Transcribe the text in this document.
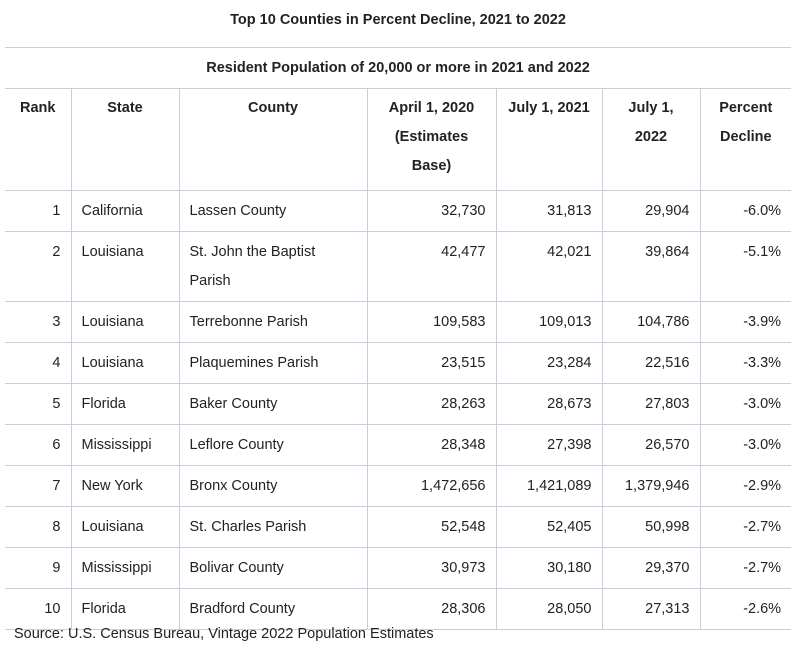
Top 10 Counties in Percent Decline, 2021 to 2022						
Resident Population of 20,000 or more in 2021 and 2022						
Rank	State	County	April 1, 2020 (Estimates Base)	July 1, 2021	July 1, 2022	Percent Decline
1	California	Lassen County	32,730	31,813	29,904	-6.0%
2	Louisiana	St. John the Baptist Parish	42,477	42,021	39,864	-5.1%
3	Louisiana	Terrebonne Parish	109,583	109,013	104,786	-3.9%
4	Louisiana	Plaquemines Parish	23,515	23,284	22,516	-3.3%
5	Florida	Baker County	28,263	28,673	27,803	-3.0%
6	Mississippi	Leflore County	28,348	27,398	26,570	-3.0%
7	New York	Bronx County	1,472,656	1,421,089	1,379,946	-2.9%
8	Louisiana	St. Charles Parish	52,548	52,405	50,998	-2.7%
9	Mississippi	Bolivar County	30,973	30,180	29,370	-2.7%
10	Florida	Bradford County	28,306	28,050	27,313	-2.6%
Source: U.S. Census Bureau, Vintage 2022 Population Estimates
